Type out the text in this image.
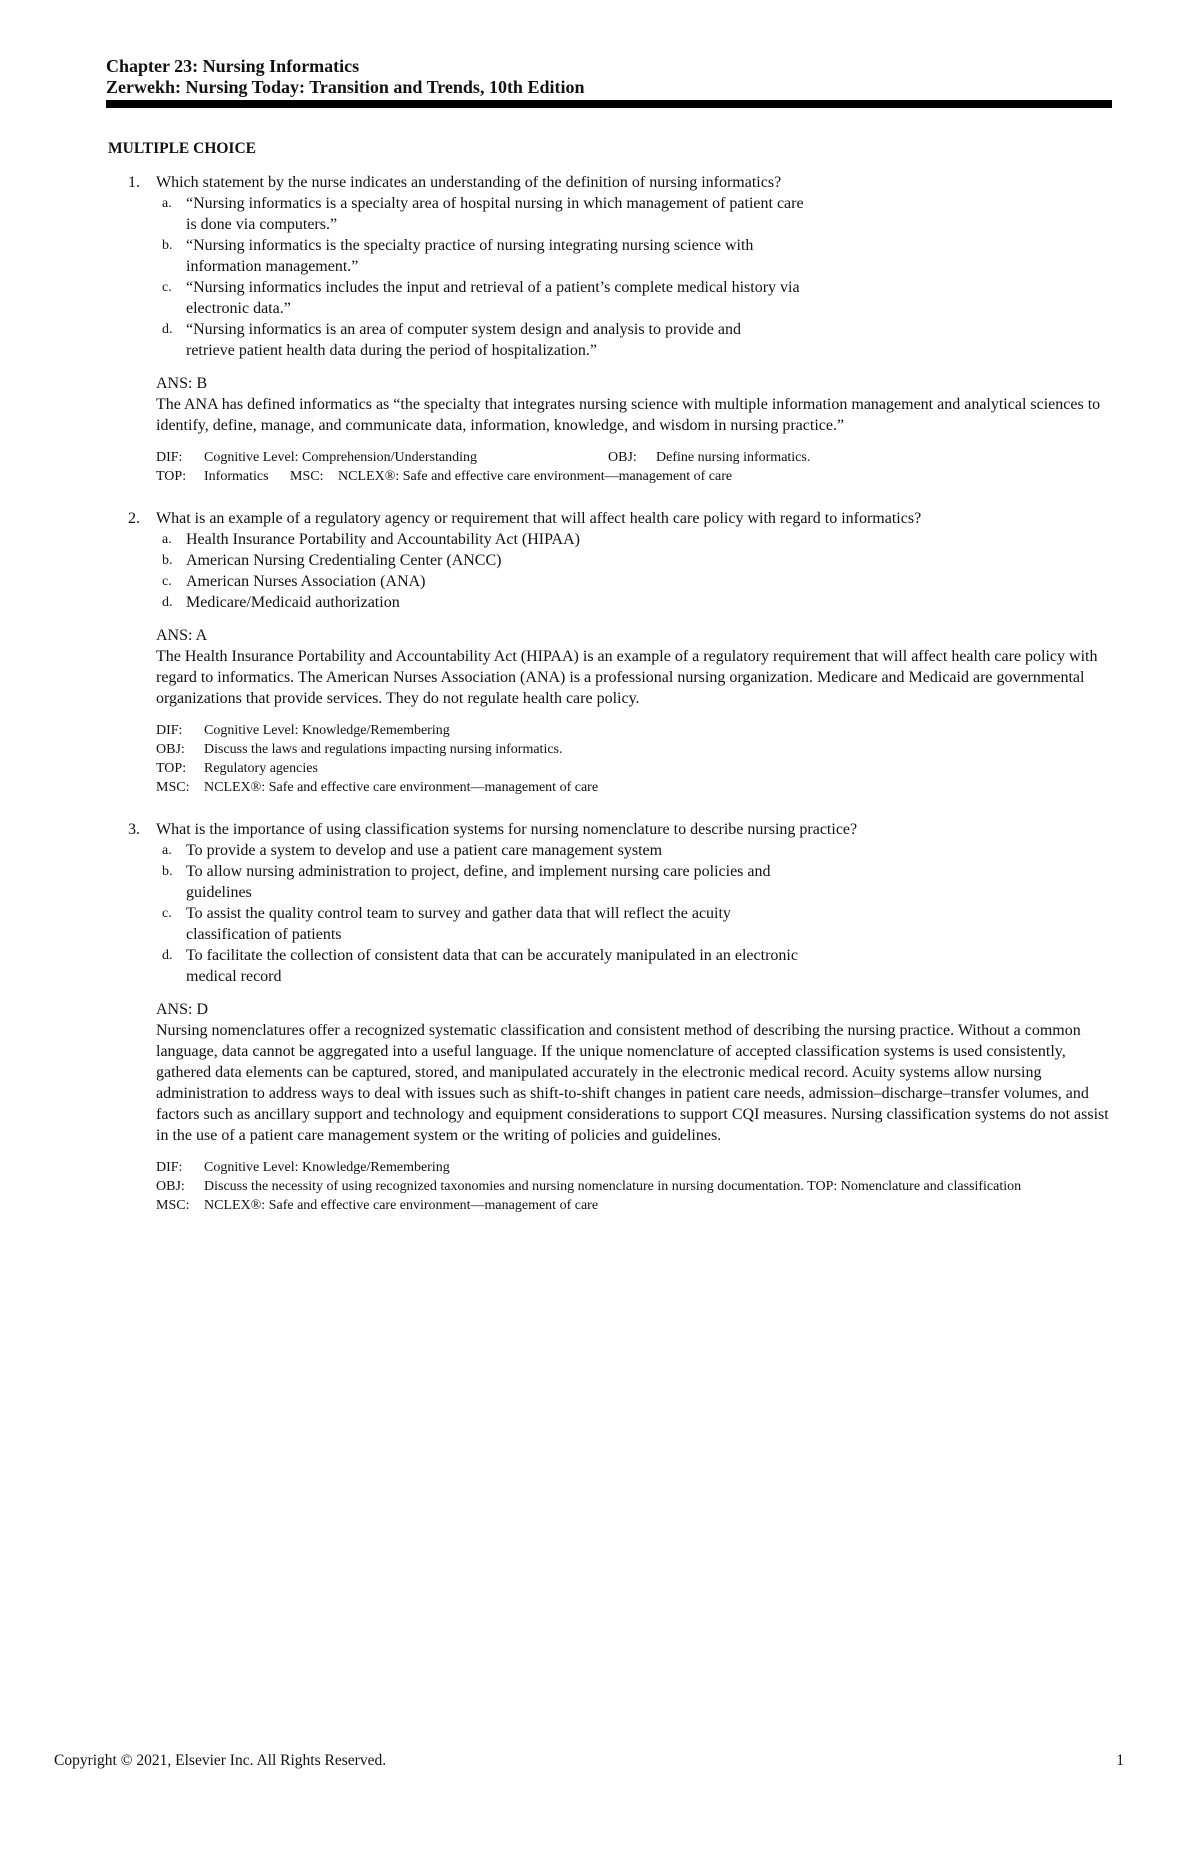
Chapter 23: Nursing Informatics
Zerwekh: Nursing Today: Transition and Trends, 10th Edition
MULTIPLE CHOICE
1. Which statement by the nurse indicates an understanding of the definition of nursing informatics?
a. “Nursing informatics is a specialty area of hospital nursing in which management of patient care is done via computers.”
b. “Nursing informatics is the specialty practice of nursing integrating nursing science with information management.”
c. “Nursing informatics includes the input and retrieval of a patient’s complete medical history via electronic data.”
d. “Nursing informatics is an area of computer system design and analysis to provide and retrieve patient health data during the period of hospitalization.”
ANS: B
The ANA has defined informatics as “the specialty that integrates nursing science with multiple information management and analytical sciences to identify, define, manage, and communicate data, information, knowledge, and wisdom in nursing practice.”
DIF: Cognitive Level: Comprehension/Understanding	OBJ: Define nursing informatics.
TOP: Informatics MSC: NCLEX®: Safe and effective care environment—management of care
2. What is an example of a regulatory agency or requirement that will affect health care policy with regard to informatics?
a. Health Insurance Portability and Accountability Act (HIPAA)
b. American Nursing Credentialing Center (ANCC)
c. American Nurses Association (ANA)
d. Medicare/Medicaid authorization
ANS: A
The Health Insurance Portability and Accountability Act (HIPAA) is an example of a regulatory requirement that will affect health care policy with regard to informatics. The American Nurses Association (ANA) is a professional nursing organization. Medicare and Medicaid are governmental organizations that provide services. They do not regulate health care policy.
DIF: Cognitive Level: Knowledge/Remembering
OBJ: Discuss the laws and regulations impacting nursing informatics.
TOP: Regulatory agencies
MSC: NCLEX®: Safe and effective care environment—management of care
3. What is the importance of using classification systems for nursing nomenclature to describe nursing practice?
a. To provide a system to develop and use a patient care management system
b. To allow nursing administration to project, define, and implement nursing care policies and guidelines
c. To assist the quality control team to survey and gather data that will reflect the acuity classification of patients
d. To facilitate the collection of consistent data that can be accurately manipulated in an electronic medical record
ANS: D
Nursing nomenclatures offer a recognized systematic classification and consistent method of describing the nursing practice. Without a common language, data cannot be aggregated into a useful language. If the unique nomenclature of accepted classification systems is used consistently, gathered data elements can be captured, stored, and manipulated accurately in the electronic medical record. Acuity systems allow nursing administration to address ways to deal with issues such as shift-to-shift changes in patient care needs, admission–discharge–transfer volumes, and factors such as ancillary support and technology and equipment considerations to support CQI measures. Nursing classification systems do not assist in the use of a patient care management system or the writing of policies and guidelines.
DIF: Cognitive Level: Knowledge/Remembering
OBJ: Discuss the necessity of using recognized taxonomies and nursing nomenclature in nursing documentation. TOP: Nomenclature and classification
MSC: NCLEX®: Safe and effective care environment—management of care
Copyright © 2021, Elsevier Inc. All Rights Reserved.	1
